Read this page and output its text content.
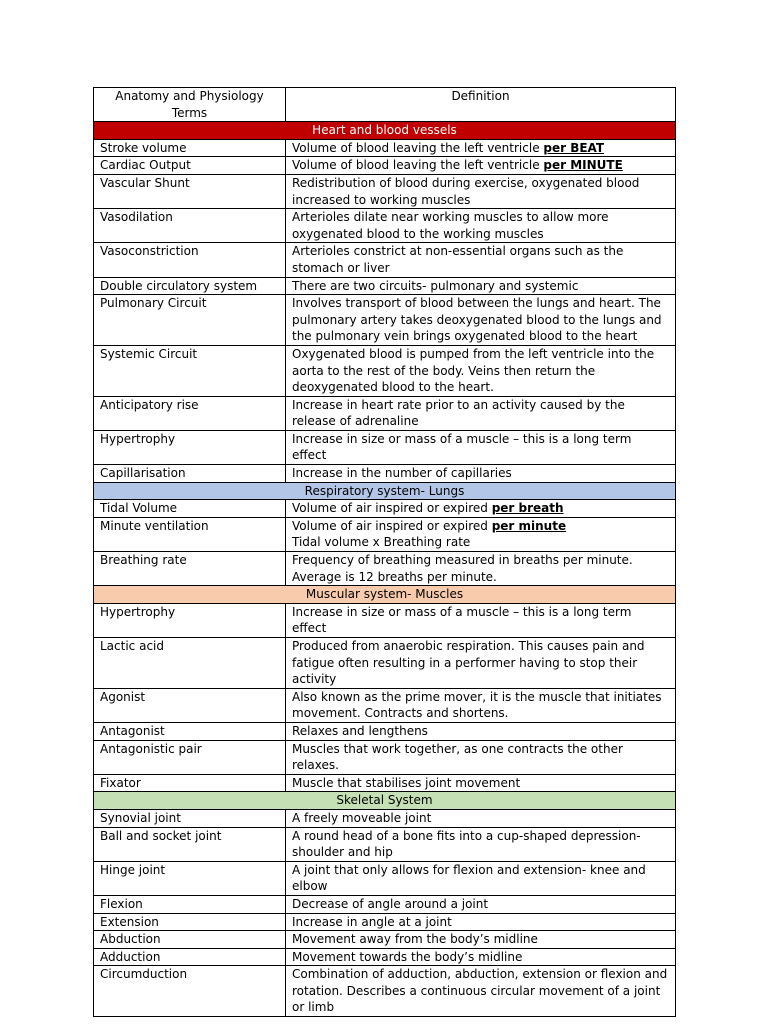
Anatomy and Physiology Terms	Definition
Heart and blood vessels	
Stroke volume	Volume of blood leaving the left ventricle per BEAT
Cardiac Output	Volume of blood leaving the left ventricle per MINUTE
Vascular Shunt	Redistribution of blood during exercise, oxygenated blood increased to working muscles
Vasodilation	Arterioles dilate near working muscles to allow more oxygenated blood to the working muscles
Vasoconstriction	Arterioles constrict at non-essential organs such as the stomach or liver
Double circulatory system	There are two circuits- pulmonary and systemic
Pulmonary Circuit	Involves transport of blood between the lungs and heart. The pulmonary artery takes deoxygenated blood to the lungs and the pulmonary vein brings oxygenated blood to the heart
Systemic Circuit	Oxygenated blood is pumped from the left ventricle into the aorta to the rest of the body. Veins then return the deoxygenated blood to the heart.
Anticipatory rise	Increase in heart rate prior to an activity caused by the release of adrenaline
Hypertrophy	Increase in size or mass of a muscle – this is a long term effect
Capillarisation	Increase in the number of capillaries
Respiratory system- Lungs	
Tidal Volume	Volume of air inspired or expired per breath
Minute ventilation	Volume of air inspired or expired per minute
Tidal volume x Breathing rate
Breathing rate	Frequency of breathing measured in breaths per minute. Average is 12 breaths per minute.
Muscular system- Muscles	
Hypertrophy	Increase in size or mass of a muscle – this is a long term effect
Lactic acid	Produced from anaerobic respiration. This causes pain and fatigue often resulting in a performer having to stop their activity
Agonist	Also known as the prime mover, it is the muscle that initiates movement. Contracts and shortens.
Antagonist	Relaxes and lengthens
Antagonistic pair	Muscles that work together, as one contracts the other relaxes.
Fixator	Muscle that stabilises joint movement
Skeletal System	
Synovial joint	A freely moveable joint
Ball and socket joint	A round head of a bone fits into a cup-shaped depression- shoulder and hip
Hinge joint	A joint that only allows for flexion and extension- knee and elbow
Flexion	Decrease of angle around a joint
Extension	Increase in angle at a joint
Abduction	Movement away from the body’s midline
Adduction	Movement towards the body’s midline
Circumduction	Combination of adduction, abduction, extension or flexion and rotation. Describes a continuous circular movement of a joint or limb
